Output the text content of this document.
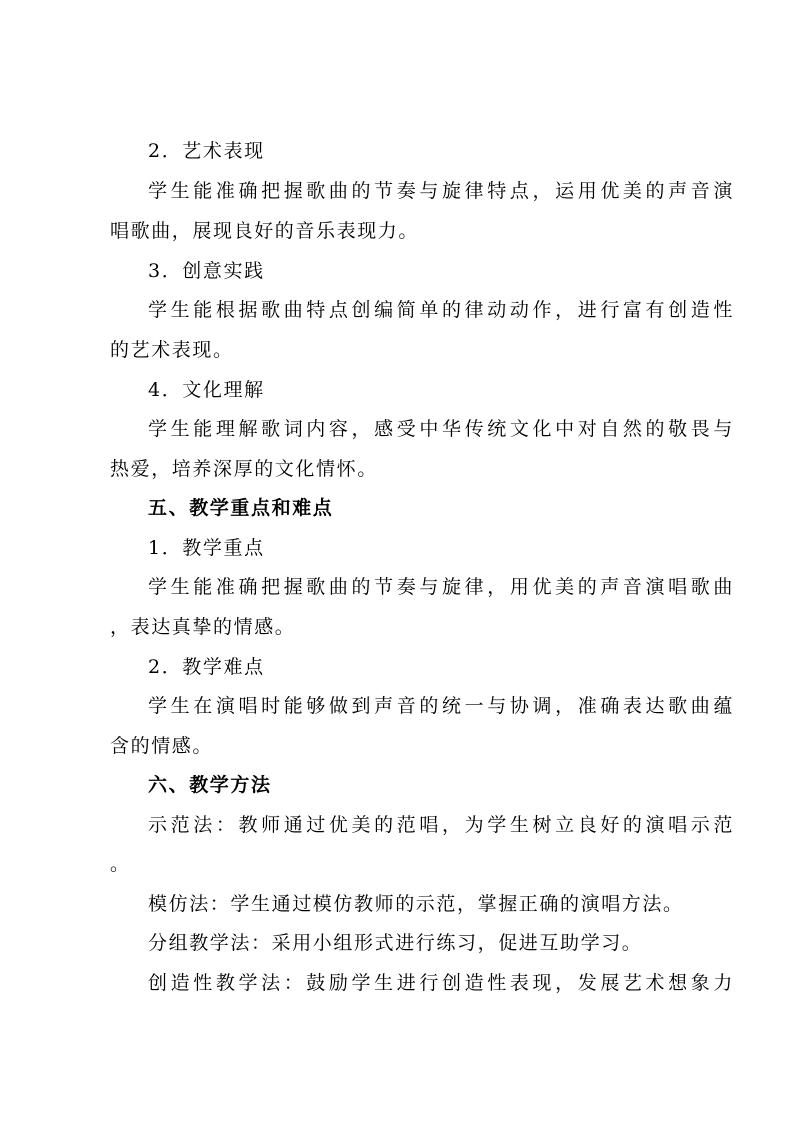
2．艺术表现
学生能准确把握歌曲的节奏与旋律特点，运用优美的声音演
唱歌曲，展现良好的音乐表现力。
3．创意实践
学生能根据歌曲特点创编简单的律动动作，进行富有创造性
的艺术表现。
4．文化理解
学生能理解歌词内容，感受中华传统文化中对自然的敬畏与
热爱，培养深厚的文化情怀。
五、教学重点和难点
1．教学重点
学生能准确把握歌曲的节奏与旋律，用优美的声音演唱歌曲
，表达真挚的情感。
2．教学难点
学生在演唱时能够做到声音的统一与协调，准确表达歌曲蕴
含的情感。
六、教学方法
示范法：教师通过优美的范唱，为学生树立良好的演唱示范
。
模仿法：学生通过模仿教师的示范，掌握正确的演唱方法。
分组教学法：采用小组形式进行练习，促进互助学习。
创造性教学法：鼓励学生进行创造性表现，发展艺术想象力
